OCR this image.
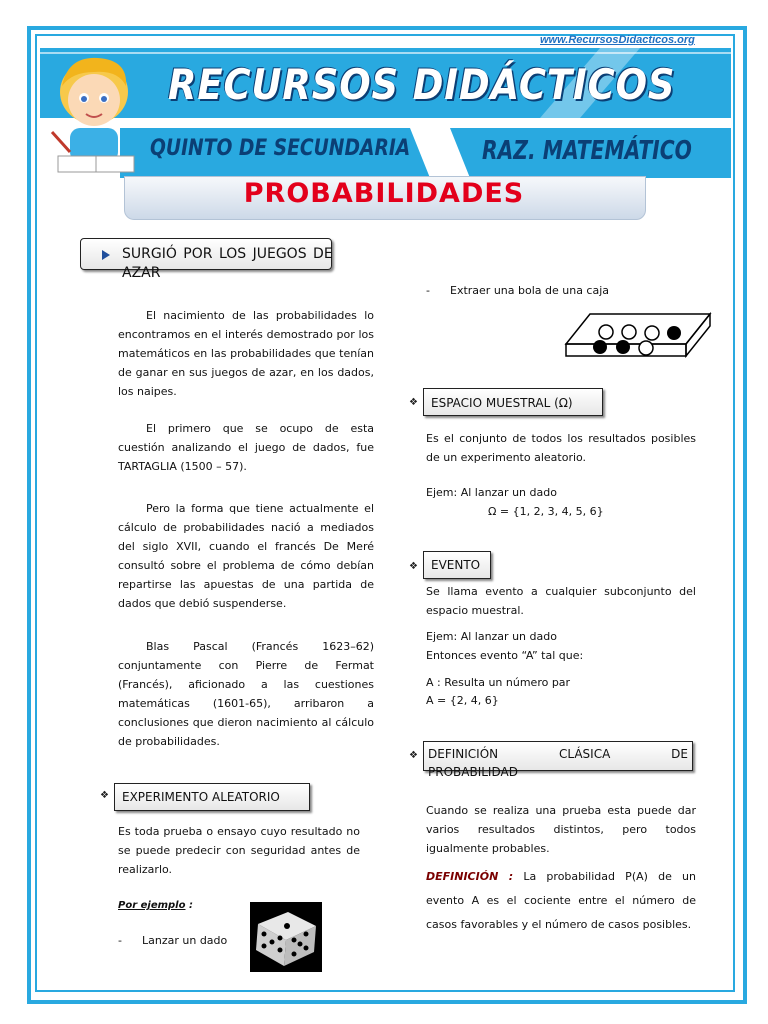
www.RecursosDidacticos.org
RECURSOS DIDÁCTICOS
QUINTO DE SECUNDARIA	RAZ. MATEMÁTICO
PROBABILIDADES
SURGIÓ POR LOS JUEGOS DE AZAR
El nacimiento de las probabilidades lo encontramos en el interés demostrado por los matemáticos en las probabilidades que tenían de ganar en sus juegos de azar, en los dados, los naipes.
El primero que se ocupo de esta cuestión analizando el juego de dados, fue TARTAGLIA (1500 – 57).
Pero la forma que tiene actualmente el cálculo de probabilidades nació a mediados del siglo XVII, cuando el francés De Meré consultó sobre el problema de cómo debían repartirse las apuestas de una partida de dados que debió suspenderse.
Blas Pascal (Francés 1623–62) conjuntamente con Pierre de Fermat (Francés), aficionado a las cuestiones matemáticas (1601-65), arribaron a conclusiones que dieron nacimiento al cálculo de probabilidades.
❖ EXPERIMENTO ALEATORIO
Es toda prueba o ensayo cuyo resultado no se puede predecir con seguridad antes de realizarlo.
Por ejemplo :
- Lanzar un dado
- Extraer una bola de una caja
❖ ESPACIO MUESTRAL (Ω)
Es el conjunto de todos los resultados posibles de un experimento aleatorio.
Ejem: Al lanzar un dado
Ω = {1, 2, 3, 4, 5, 6}
❖ EVENTO
Se llama evento a cualquier subconjunto del espacio muestral.
Ejem: Al lanzar un dado
Entonces evento “A” tal que:
A : Resulta un número par
A = {2, 4, 6}
❖ DEFINICIÓN CLÁSICA DE PROBABILIDAD
Cuando se realiza una prueba esta puede dar varios resultados distintos, pero todos igualmente probables.
DEFINICIÓN : La probabilidad P(A) de un evento A es el cociente entre el número de casos favorables y el número de casos posibles.
